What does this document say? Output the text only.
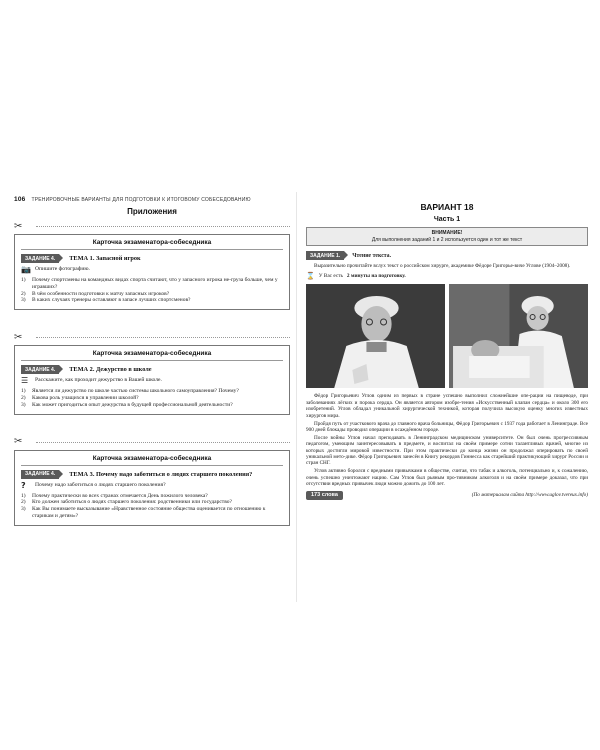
106 ТРЕНИРОВОЧНЫЕ ВАРИАНТЫ ДЛЯ ПОДГОТОВКИ К ИТОГОВОМУ СОБЕСЕДОВАНИЮ
Приложения
✂
Карточка экзаменатора-собеседника
ЗАДАНИЕ 4.	ТЕМА 1. Запасной игрок
📷 Опишите фотографию.
1)	Почему спортсмены на командных видах спорта считают, что у запасного игрока не-груза больше, чем у игравших?
2)	В чём особенности подготовки к матчу запасных игроков?
3)	В каких случаях тренеры оставляют в запасе лучших спортсменов?
✂
Карточка экзаменатора-собеседника
ЗАДАНИЕ 4.	ТЕМА 2. Дежурство в школе
☰	Расскажите, как проходит дежурство в Вашей школе.
1)	Является ли дежурство по школе частью системы школьного самоуправления? Почему?
2)	Какова роль учащихся в управлении школой?
3)	Как может пригодиться опыт дежурства в будущей профессиональной деятельности?
✂
Карточка экзаменатора-собеседника
ЗАДАНИЕ 4.	ТЕМА 3. Почему надо заботиться о людях старшего поколения?
?	Почему надо заботиться о людях старшего поколения?
1)	Почему практически во всех странах отмечается День пожилого человека?
2)	Кто должен заботиться о людях старшего поколения: родственники или государство?
3)	Как Вы понимаете высказывание «Нравственное состояние общества оценивается по отношению к старикам и детям»?
ВАРИАНТ 18
Часть 1
ВНИМАНИЕ!
Для выполнения заданий 1 и 2 используется один и тот же текст
ЗАДАНИЕ 1.	Чтение текста.

Выразительно прочитайте вслух текст о российском хирурге, академике Фёдоре Григорье-виче Углове (1904–2008).

⌛ У Вас есть 2 минуты на подготовку.

Фёдор Григорьевич Углов одним из первых в стране успешно выполнил сложнейшие опе-рации на пищеводе, при заболеваниях лёгких и порока сердца. Он является автором изобре-тения «Искусственный клапан сердца» и около 300 его изобретений. Углов обладал уникальной хирургической техникой, которая получила высокую оценку многих известных хирургов мира.

Пройдя путь от участкового врача до главного врача больницы, Фёдор Григорьевич с 1937 года работает в Ленинграде. Все 900 дней блокады проводил операции в осаждённом городе.

После войны Углов начал преподавать в Ленинградском медицинском университете. Он был очень прогрессивным педагогом, умеющим заинтересовывать в предмете, и воспитал на своём примере сотни талантливых врачей, многие из которых достигли мировой известности. При этом практически до конца жизни он продолжал оперировать по своей уникальной мето-дике. Фёдор Григорьевич занесён в Книгу рекордов Гиннесса как старейший практикующий хирург России и стран СНГ.

Углов активно боролся с вредными привычками в обществе, считая, что табак и алкоголь, потенциально и, к сожалению, очень успешно уничтожают нацию. Сам Углов был рьяным про-тивником алкоголя и на своём примере доказал, что при отсутствии вредных привычек люди можно дожить до 100 лет.

173 слова	(По материалам сайта http://www.uglov.tvereux.info)
